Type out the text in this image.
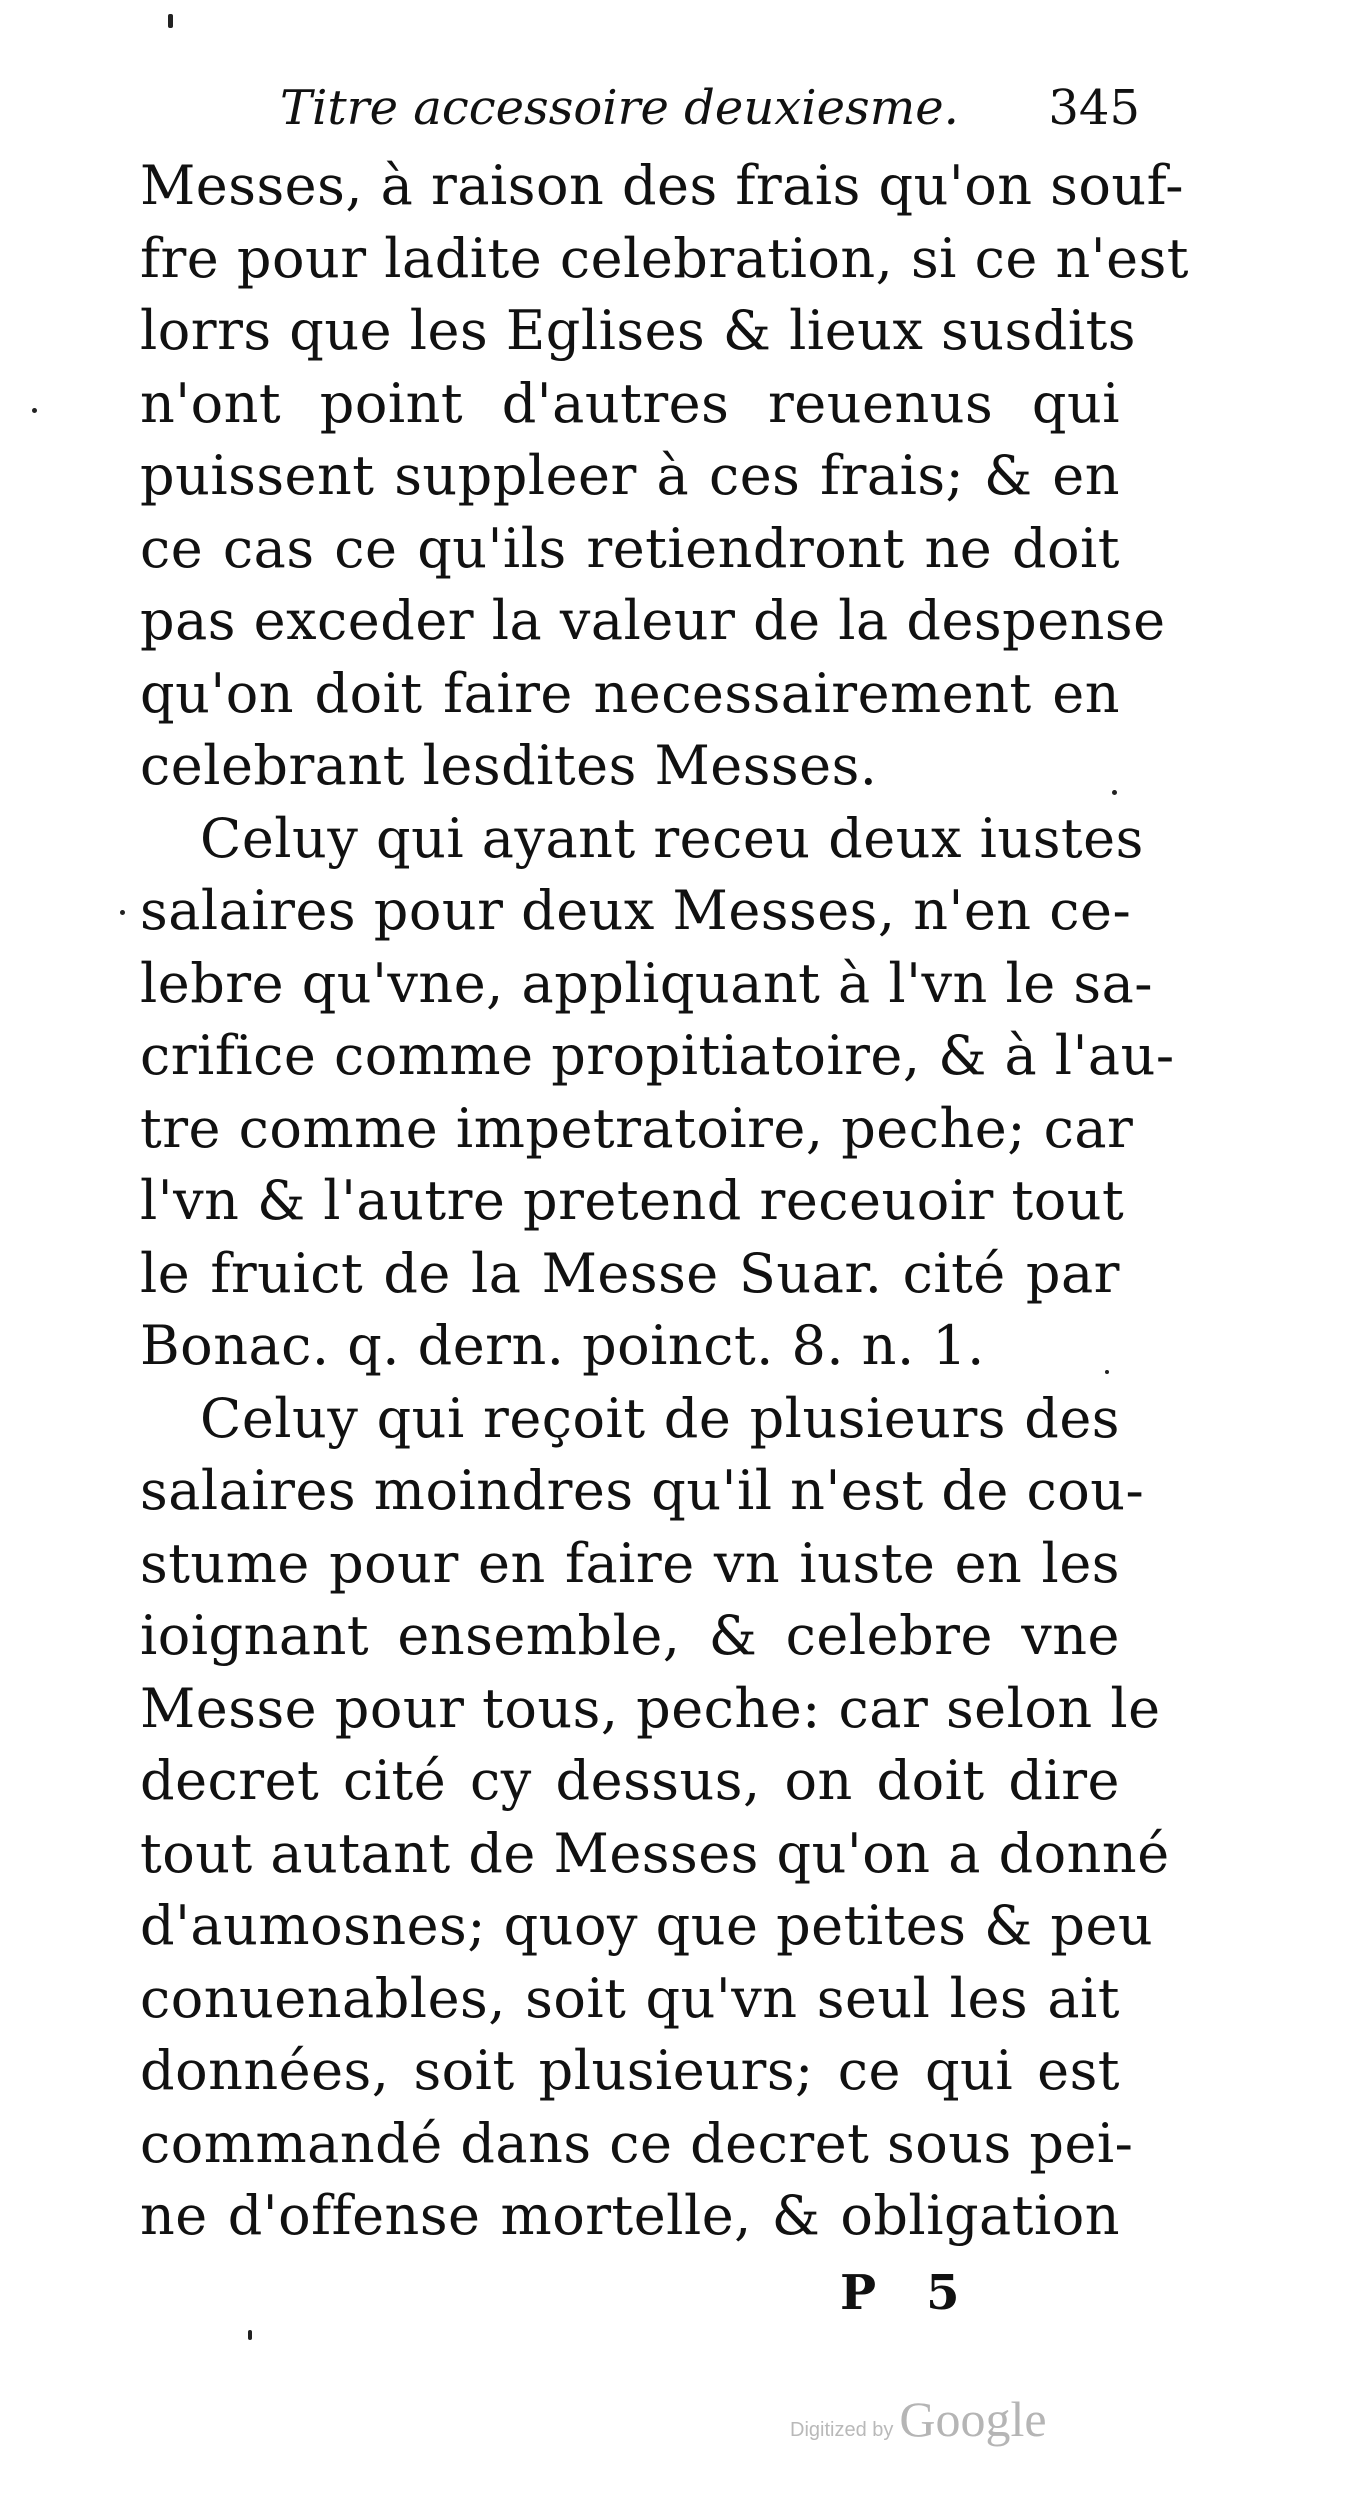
Titre accessoire deuxiesme. 345
Messes, à raison des frais qu'on souf-
fre pour ladite celebration, si ce n'est
lorrs que les Eglises & lieux susdits
n'ont point d'autres reuenus qui
puissent suppleer à ces frais; & en
ce cas ce qu'ils retiendront ne doit
pas exceder la valeur de la despense
qu'on doit faire necessairement en
celebrant lesdites Messes.
Celuy qui ayant receu deux iustes
salaires pour deux Messes, n'en ce-
lebre qu'vne, appliquant à l'vn le sa-
crifice comme propitiatoire, & à l'au-
tre comme impetratoire, peche; car
l'vn & l'autre pretend receuoir tout
le fruict de la Messe Suar. cité par
Bonac. q. dern. poinct. 8. n. 1.
Celuy qui reçoit de plusieurs des
salaires moindres qu'il n'est de cou-
stume pour en faire vn iuste en les
ioignant ensemble, & celebre vne
Messe pour tous, peche: car selon le
decret cité cy dessus, on doit dire
tout autant de Messes qu'on a donné
d'aumosnes; quoy que petites & peu
conuenables, soit qu'vn seul les ait
données, soit plusieurs; ce qui est
commandé dans ce decret sous pei-
ne d'offense mortelle, & obligation
P 5
Digitized by Google
